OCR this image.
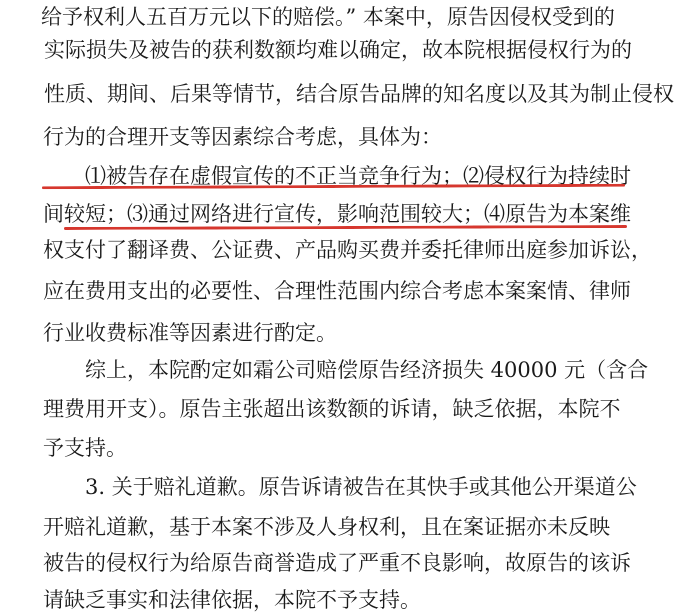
给予权利人五百万元以下的赔偿。” 本案中，原告因侵权受到的
实际损失及被告的获利数额均难以确定，故本院根据侵权行为的
性质、期间、后果等情节，结合原告品牌的知名度以及其为制止侵权
行为的合理开支等因素综合考虑，具体为：
⑴被告存在虚假宣传的不正当竞争行为；⑵侵权行为持续时
间较短；⑶通过网络进行宣传，影响范围较大；⑷原告为本案维
权支付了翻译费、公证费、产品购买费并委托律师出庭参加诉讼，
应在费用支出的必要性、合理性范围内综合考虑本案案情、律师
行业收费标准等因素进行酌定。
综上，本院酌定如霜公司赔偿原告经济损失 40000 元（含合
理费用开支）。原告主张超出该数额的诉请，缺乏依据，本院不
予支持。
3. 关于赔礼道歉。原告诉请被告在其快手或其他公开渠道公
开赔礼道歉，基于本案不涉及人身权利，且在案证据亦未反映
被告的侵权行为给原告商誉造成了严重不良影响，故原告的该诉
请缺乏事实和法律依据，本院不予支持。
